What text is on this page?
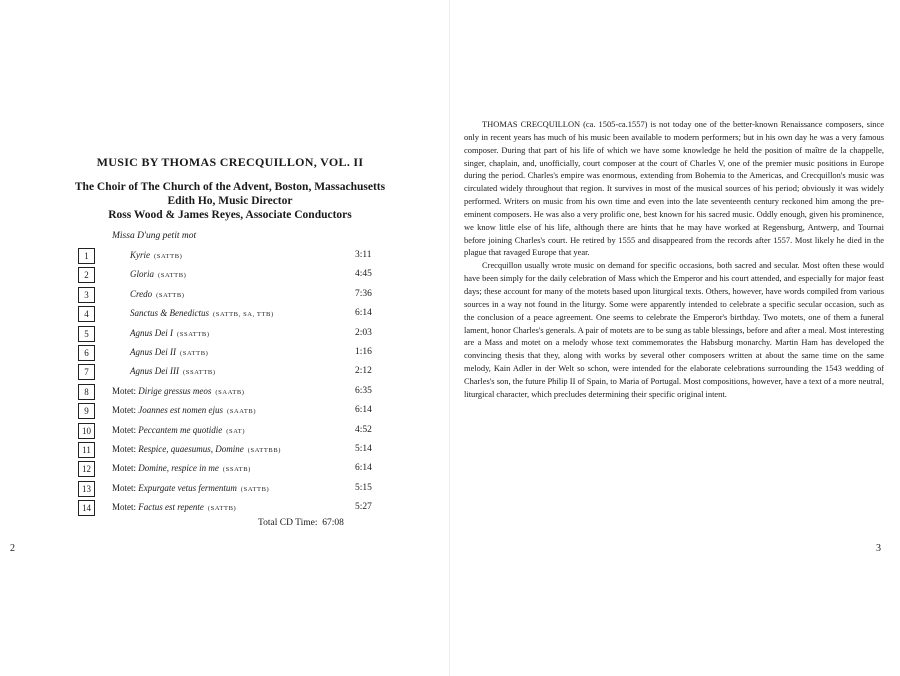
MUSIC BY THOMAS CRECQUILLON, VOL. II
The Choir of The Church of the Advent, Boston, Massachusetts
Edith Ho, Music Director
Ross Wood & James Reyes, Associate Conductors
Missa D'ung petit mot
1	Kyrie (SATTB)	3:11
2	Gloria (SATTB)	4:45
3	Credo (SATTB)	7:36
4	Sanctus & Benedictus (SATTB, SA, TTB)	6:14
5	Agnus Dei I (SSATTB)	2:03
6	Agnus Dei II (SATTB)	1:16
7	Agnus Dei III (SSATTB)	2:12
8	Motet: Dirige gressus meos (SAATB)	6:35
9	Motet: Joannes est nomen ejus (SAATB)	6:14
10	Motet: Peccantem me quotidie (SAT)	4:52
11	Motet: Respice, quaesumus, Domine (SATTBB)	5:14
12	Motet: Domine, respice in me (SSATB)	6:14
13	Motet: Expurgate vetus fermentum (SATTB)	5:15
14	Motet: Factus est repente (SATTB)	5:27
Total CD Time: 67:08
2

THOMAS CRECQUILLON (ca. 1505-ca.1557) is not today one of the better-known Renaissance composers, since only in recent years has much of his music been available to modern performers; but in his own day he was a very famous composer. During that part of his life of which we have some knowledge he held the position of maître de la chappelle, singer, chaplain, and, unofficially, court composer at the court of Charles V, one of the premier music positions in Europe during the period. Charles's empire was enormous, extending from Bohemia to the Americas, and Crecquillon's music was circulated widely throughout that region. It survives in most of the musical sources of his period; obviously it was widely performed. Writers on music from his own time and even into the late seventeenth century reckoned him among the pre-eminent composers. He was also a very prolific one, best known for his sacred music. Oddly enough, given his prominence, we know little else of his life, although there are hints that he may have worked at Regensburg, Antwerp, and Tournai before joining Charles's court. He retired by 1555 and disappeared from the records after 1557. Most likely he died in the plague that ravaged Europe that year.

Crecquillon usually wrote music on demand for specific occasions, both sacred and secular. Most often these would have been simply for the daily celebration of Mass which the Emperor and his court attended, and especially for major feast days; these account for many of the motets based upon liturgical texts. Others, however, have words compiled from various sources in a way not found in the liturgy. Some were apparently intended to celebrate a specific secular occasion, such as the conclusion of a peace agreement. One seems to celebrate the Emperor's birthday. Two motets, one of them a funeral lament, honor Charles's generals. A pair of motets are to be sung as table blessings, before and after a meal. Most interesting are a Mass and motet on a melody whose text commemorates the Habsburg monarchy. Martin Ham has developed the convincing thesis that they, along with works by several other composers written at about the same time on the same melody, Kain Adler in der Welt so schon, were intended for the elaborate celebrations surrounding the 1543 wedding of Charles's son, the future Philip II of Spain, to Maria of Portugal. Most compositions, however, have a text of a more neutral, liturgical character, which precludes determining their specific original intent.

3
